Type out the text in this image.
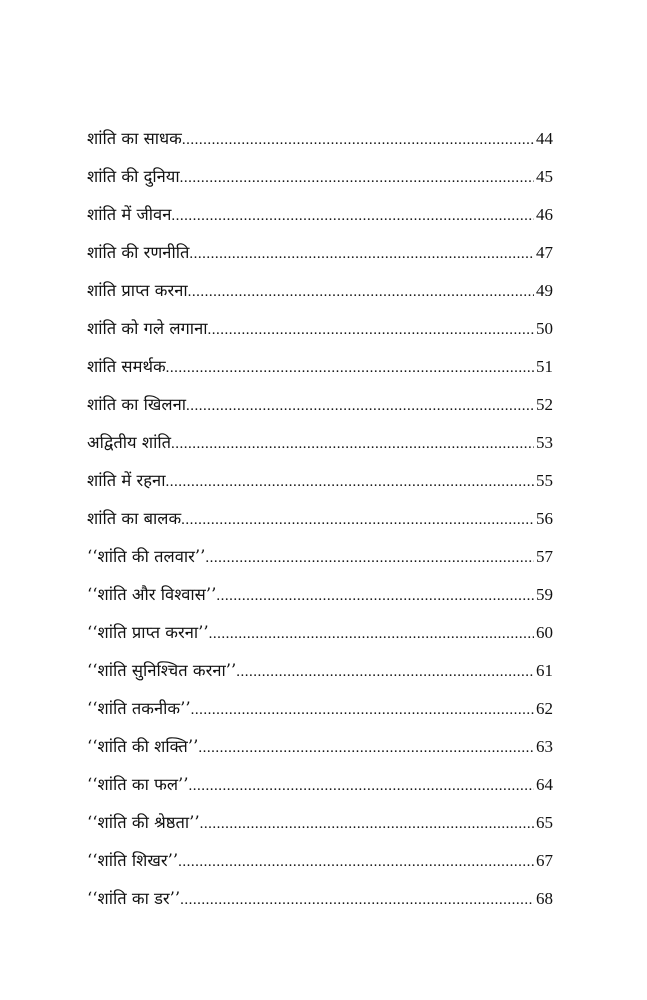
शांति का साधक .....	44
शांति की दुनिया .....	45
शांति में जीवन .....	46
शांति की रणनीति .....	47
शांति प्राप्त करना .....	49
शांति को गले लगाना .....	50
शांति समर्थक .....	51
शांति का खिलना .....	52
अद्वितीय शांति .....	53
शांति में रहना .....	55
शांति का बालक .....	56
‘‘शांति की तलवार’’ .....	57
‘‘शांति और विश्वास’’ .....	59
‘‘शांति प्राप्त करना’’ .....	60
‘‘शांति सुनिश्चित करना’’ .....	61
‘‘शांति तकनीक’’ .....	62
‘‘शांति की शक्ति’’ .....	63
‘‘शांति का फल’’ .....	64
‘‘शांति की श्रेष्ठता’’ .....	65
‘‘शांति शिखर’’ .....	67
‘‘शांति का डर’’ .....	68
